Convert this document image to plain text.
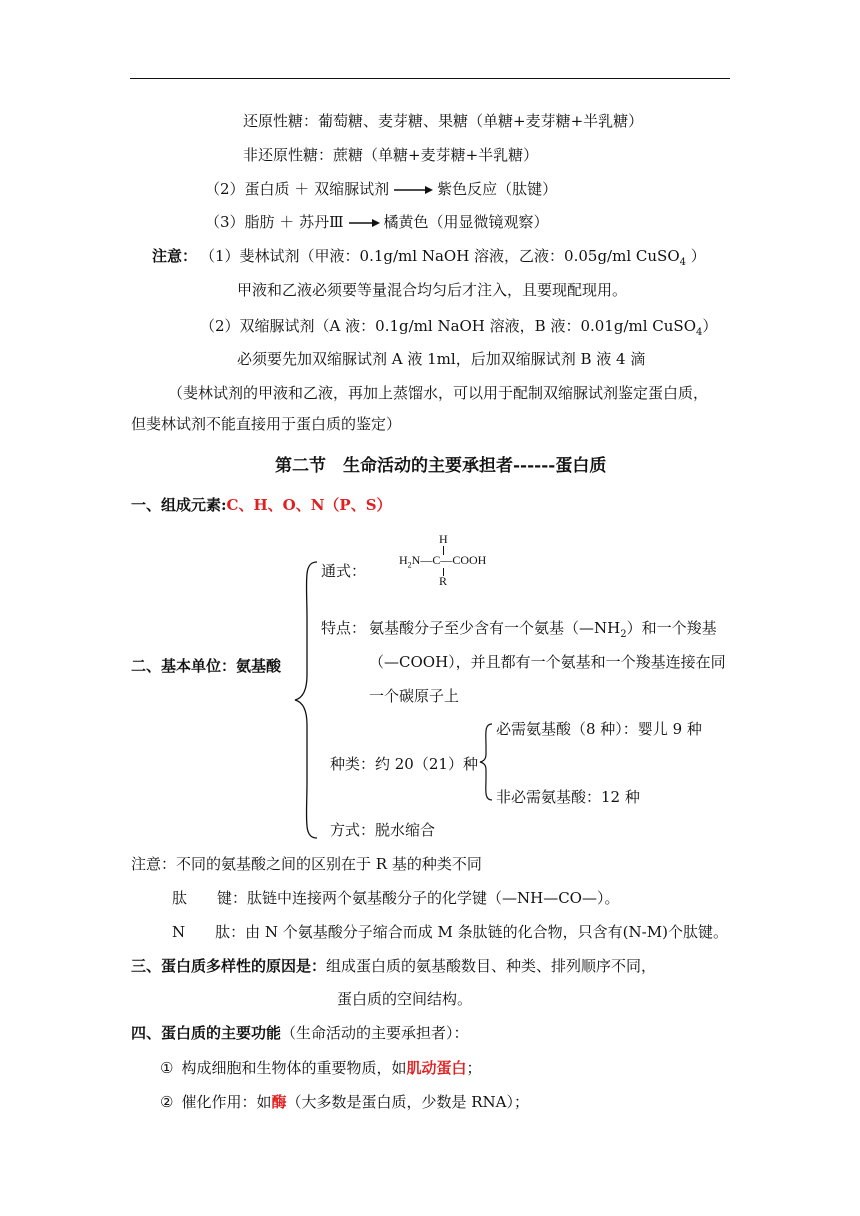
还原性糖：葡萄糖、麦芽糖、果糖（单糖+麦芽糖+半乳糖）
非还原性糖：蔗糖（单糖+麦芽糖+半乳糖）
（2）蛋白质 ＋ 双缩脲试剂	紫色反应（肽键）
（3）脂肪 ＋ 苏丹Ⅲ	橘黄色（用显微镜观察）
注意： （1）斐林试剂（甲液：0.1g/ml NaOH 溶液，乙液：0.05g/ml CuSO$_4$ ）
甲液和乙液必须要等量混合均匀后才注入，且要现配现用。
（2）双缩脲试剂（A 液：0.1g/ml NaOH 溶液，B 液：0.01g/ml CuSO$_4$）
必须要先加双缩脲试剂 A 液 1ml，后加双缩脲试剂 B 液 4 滴
（斐林试剂的甲液和乙液，再加上蒸馏水，可以用于配制双缩脲试剂鉴定蛋白质，
但斐林试剂不能直接用于蛋白质的鉴定）
第二节　生命活动的主要承担者------蛋白质
一、组成元素:C、H、O、N（P、S）
二、基本单位：氨基酸
通式：
H
$H_2N—C—COOH$
R
特点： 氨基酸分子至少含有一个氨基$(—NH_2)$和一个羧基
（—COOH），并且都有一个氨基和一个羧基连接在同
一个碳原子上
种类：约 20（21）种
必需氨基酸（8 种）：婴儿 9 种
非必需氨基酸：12 种
方式：脱水缩合
注意：不同的氨基酸之间的区别在于 R 基的种类不同
肽　　键：肽链中连接两个氨基酸分子的化学键（—NH—CO—）。
N　　肽：由 N 个氨基酸分子缩合而成 M 条肽链的化合物，只含有(N-M)个肽键。
三、蛋白质多样性的原因是：组成蛋白质的氨基酸数目、种类、排列顺序不同，
蛋白质的空间结构。
四、蛋白质的主要功能（生命活动的主要承担者）：
① 构成细胞和生物体的重要物质，如肌动蛋白；
② 催化作用：如酶（大多数是蛋白质，少数是 RNA）；
